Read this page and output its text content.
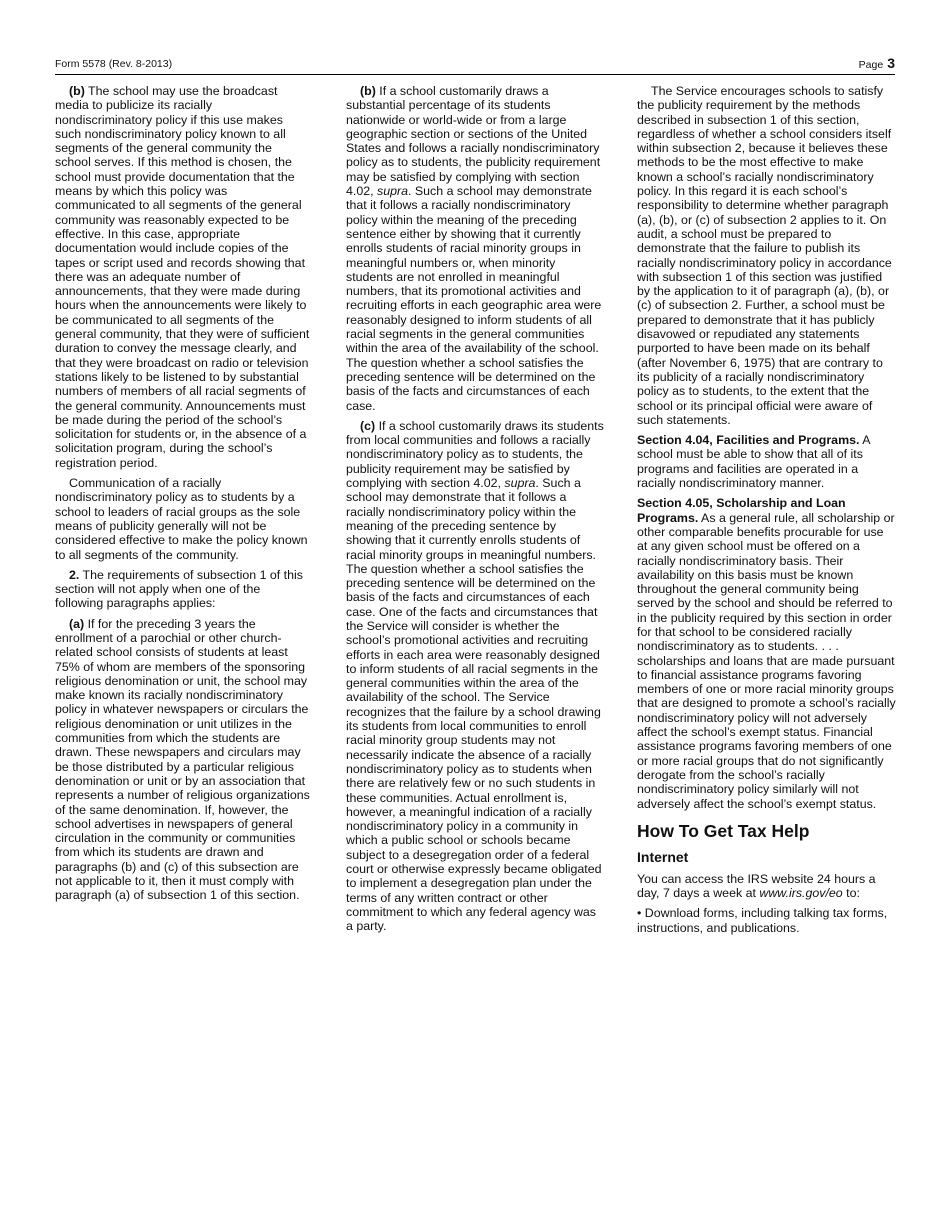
Form 5578 (Rev. 8-2013)	Page 3

(b) The school may use the broadcast media to publicize its racially nondiscriminatory policy if this use makes such nondiscriminatory policy known to all segments of the general community the school serves. If this method is chosen, the school must provide documentation that the means by which this policy was communicated to all segments of the general community was reasonably expected to be effective. In this case, appropriate documentation would include copies of the tapes or script used and records showing that there was an adequate number of announcements, that they were made during hours when the announcements were likely to be communicated to all segments of the general community, that they were of sufficient duration to convey the message clearly, and that they were broadcast on radio or television stations likely to be listened to by substantial numbers of members of all racial segments of the general community. Announcements must be made during the period of the school’s solicitation for students or, in the absence of a solicitation program, during the school’s registration period.

Communication of a racially nondiscriminatory policy as to students by a school to leaders of racial groups as the sole means of publicity generally will not be considered effective to make the policy known to all segments of the community.

2. The requirements of subsection 1 of this section will not apply when one of the following paragraphs applies:

(a) If for the preceding 3 years the enrollment of a parochial or other church-related school consists of students at least 75% of whom are members of the sponsoring religious denomination or unit, the school may make known its racially nondiscriminatory policy in whatever newspapers or circulars the religious denomination or unit utilizes in the communities from which the students are drawn. These newspapers and circulars may be those distributed by a particular religious denomination or unit or by an association that represents a number of religious organizations of the same denomination. If, however, the school advertises in newspapers of general circulation in the community or communities from which its students are drawn and paragraphs (b) and (c) of this subsection are not applicable to it, then it must comply with paragraph (a) of subsection 1 of this section.

(b) If a school customarily draws a substantial percentage of its students nationwide or world-wide or from a large geographic section or sections of the United States and follows a racially nondiscriminatory policy as to students, the publicity requirement may be satisfied by complying with section 4.02, supra. Such a school may demonstrate that it follows a racially nondiscriminatory policy within the meaning of the preceding sentence either by showing that it currently enrolls students of racial minority groups in meaningful numbers or, when minority students are not enrolled in meaningful numbers, that its promotional activities and recruiting efforts in each geographic area were reasonably designed to inform students of all racial segments in the general communities within the area of the availability of the school. The question whether a school satisfies the preceding sentence will be determined on the basis of the facts and circumstances of each case.

(c) If a school customarily draws its students from local communities and follows a racially nondiscriminatory policy as to students, the publicity requirement may be satisfied by complying with section 4.02, supra. Such a school may demonstrate that it follows a racially nondiscriminatory policy within the meaning of the preceding sentence by showing that it currently enrolls students of racial minority groups in meaningful numbers. The question whether a school satisfies the preceding sentence will be determined on the basis of the facts and circumstances of each case. One of the facts and circumstances that the Service will consider is whether the school’s promotional activities and recruiting efforts in each area were reasonably designed to inform students of all racial segments in the general communities within the area of the availability of the school. The Service recognizes that the failure by a school drawing its students from local communities to enroll racial minority group students may not necessarily indicate the absence of a racially nondiscriminatory policy as to students when there are relatively few or no such students in these communities. Actual enrollment is, however, a meaningful indication of a racially nondiscriminatory policy in a community in which a public school or schools became subject to a desegregation order of a federal court or otherwise expressly became obligated to implement a desegregation plan under the terms of any written contract or other commitment to which any federal agency was a party.

The Service encourages schools to satisfy the publicity requirement by the methods described in subsection 1 of this section, regardless of whether a school considers itself within subsection 2, because it believes these methods to be the most effective to make known a school’s racially nondiscriminatory policy. In this regard it is each school’s responsibility to determine whether paragraph (a), (b), or (c) of subsection 2 applies to it. On audit, a school must be prepared to demonstrate that the failure to publish its racially nondiscriminatory policy in accordance with subsection 1 of this section was justified by the application to it of paragraph (a), (b), or (c) of subsection 2. Further, a school must be prepared to demonstrate that it has publicly disavowed or repudiated any statements purported to have been made on its behalf (after November 6, 1975) that are contrary to its publicity of a racially nondiscriminatory policy as to students, to the extent that the school or its principal official were aware of such statements.

Section 4.04, Facilities and Programs. A school must be able to show that all of its programs and facilities are operated in a racially nondiscriminatory manner.

Section 4.05, Scholarship and Loan Programs. As a general rule, all scholarship or other comparable benefits procurable for use at any given school must be offered on a racially nondiscriminatory basis. Their availability on this basis must be known throughout the general community being served by the school and should be referred to in the publicity required by this section in order for that school to be considered racially nondiscriminatory as to students. . . . scholarships and loans that are made pursuant to financial assistance programs favoring members of one or more racial minority groups that are designed to promote a school’s racially nondiscriminatory policy will not adversely affect the school’s exempt status. Financial assistance programs favoring members of one or more racial groups that do not significantly derogate from the school’s racially nondiscriminatory policy similarly will not adversely affect the school’s exempt status.

How To Get Tax Help
Internet

You can access the IRS website 24 hours a day, 7 days a week at www.irs.gov/eo to:

• Download forms, including talking tax forms, instructions, and publications.
